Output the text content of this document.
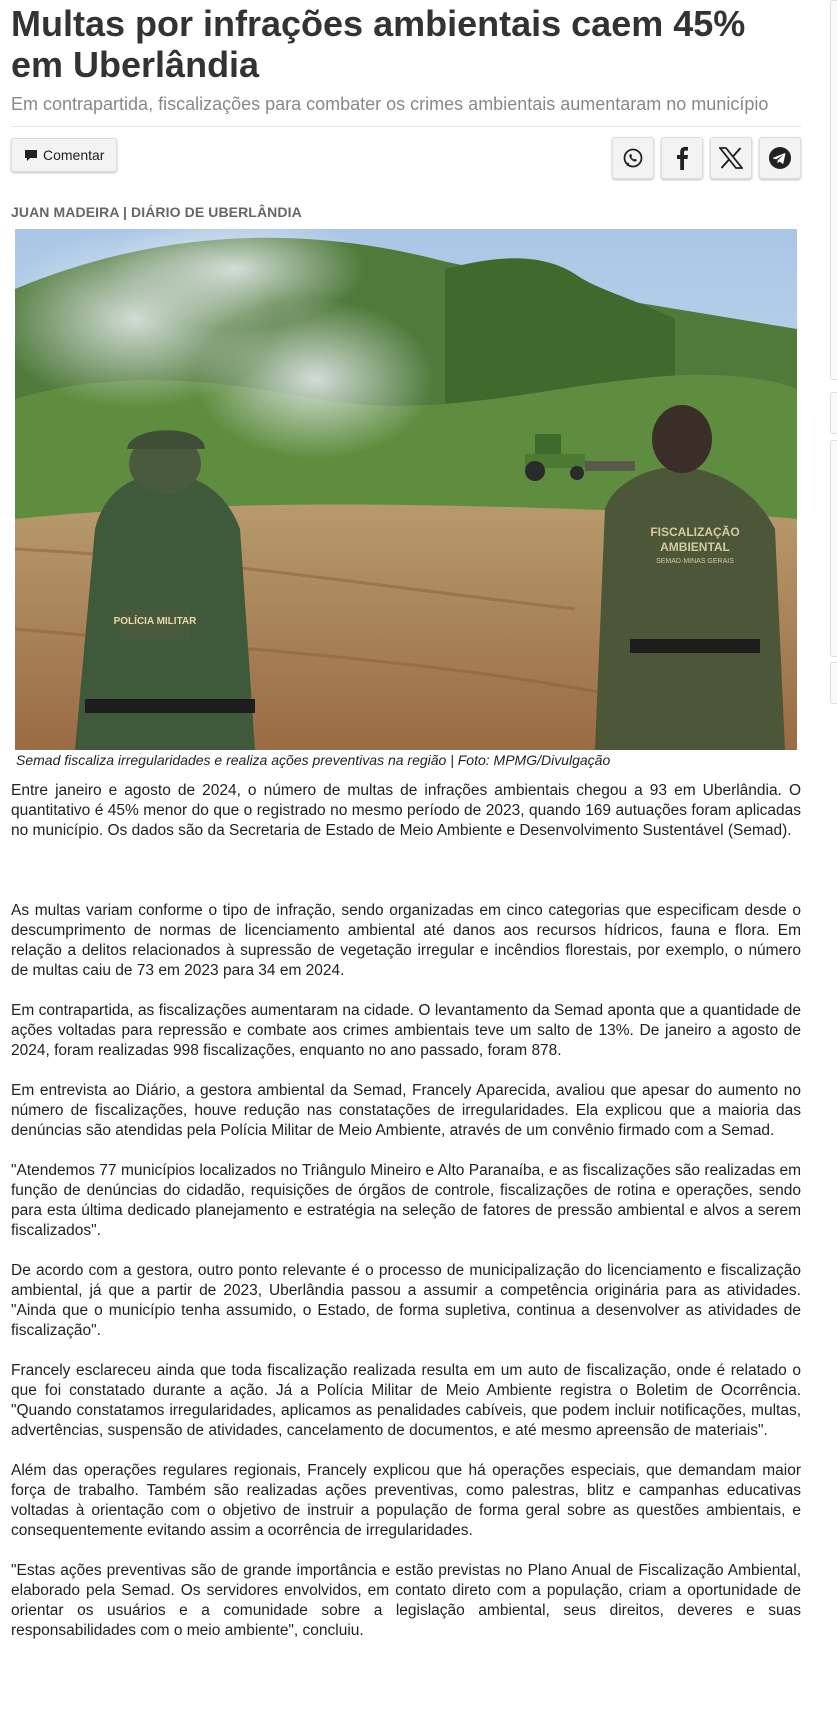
Multas por infrações ambientais caem 45% em Uberlândia
Em contrapartida, fiscalizações para combater os crimes ambientais aumentaram no município
Comentar
JUAN MADEIRA | DIÁRIO DE UBERLÂNDIA
POLÍCIA MILITAR
FISCALIZAÇÃO
AMBIENTAL
SEMAD·MINAS GERAIS
Semad fiscaliza irregularidades e realiza ações preventivas na região | Foto: MPMG/Divulgação

Entre janeiro e agosto de 2024, o número de multas de infrações ambientais chegou a 93 em Uberlândia. O quantitativo é 45% menor do que o registrado no mesmo período de 2023, quando 169 autuações foram aplicadas no município. Os dados são da Secretaria de Estado de Meio Ambiente e Desenvolvimento Sustentável (Semad).

As multas variam conforme o tipo de infração, sendo organizadas em cinco categorias que especificam desde o descumprimento de normas de licenciamento ambiental até danos aos recursos hídricos, fauna e flora. Em relação a delitos relacionados à supressão de vegetação irregular e incêndios florestais, por exemplo, o número de multas caiu de 73 em 2023 para 34 em 2024.

Em contrapartida, as fiscalizações aumentaram na cidade. O levantamento da Semad aponta que a quantidade de ações voltadas para repressão e combate aos crimes ambientais teve um salto de 13%. De janeiro a agosto de 2024, foram realizadas 998 fiscalizações, enquanto no ano passado, foram 878.

Em entrevista ao Diário, a gestora ambiental da Semad, Francely Aparecida, avaliou que apesar do aumento no número de fiscalizações, houve redução nas constatações de irregularidades. Ela explicou que a maioria das denúncias são atendidas pela Polícia Militar de Meio Ambiente, através de um convênio firmado com a Semad.

"Atendemos 77 municípios localizados no Triângulo Mineiro e Alto Paranaíba, e as fiscalizações são realizadas em função de denúncias do cidadão, requisições de órgãos de controle, fiscalizações de rotina e operações, sendo para esta última dedicado planejamento e estratégia na seleção de fatores de pressão ambiental e alvos a serem fiscalizados".

De acordo com a gestora, outro ponto relevante é o processo de municipalização do licenciamento e fiscalização ambiental, já que a partir de 2023, Uberlândia passou a assumir a competência originária para as atividades. "Ainda que o município tenha assumido, o Estado, de forma supletiva, continua a desenvolver as atividades de fiscalização".

Francely esclareceu ainda que toda fiscalização realizada resulta em um auto de fiscalização, onde é relatado o que foi constatado durante a ação. Já a Polícia Militar de Meio Ambiente registra o Boletim de Ocorrência. "Quando constatamos irregularidades, aplicamos as penalidades cabíveis, que podem incluir notificações, multas, advertências, suspensão de atividades, cancelamento de documentos, e até mesmo apreensão de materiais".

Além das operações regulares regionais, Francely explicou que há operações especiais, que demandam maior força de trabalho. Também são realizadas ações preventivas, como palestras, blitz e campanhas educativas voltadas à orientação com o objetivo de instruir a população de forma geral sobre as questões ambientais, e consequentemente evitando assim a ocorrência de irregularidades.

"Estas ações preventivas são de grande importância e estão previstas no Plano Anual de Fiscalização Ambiental, elaborado pela Semad. Os servidores envolvidos, em contato direto com a população, criam a oportunidade de orientar os usuários e a comunidade sobre a legislação ambiental, seus direitos, deveres e suas responsabilidades com o meio ambiente", concluiu.
